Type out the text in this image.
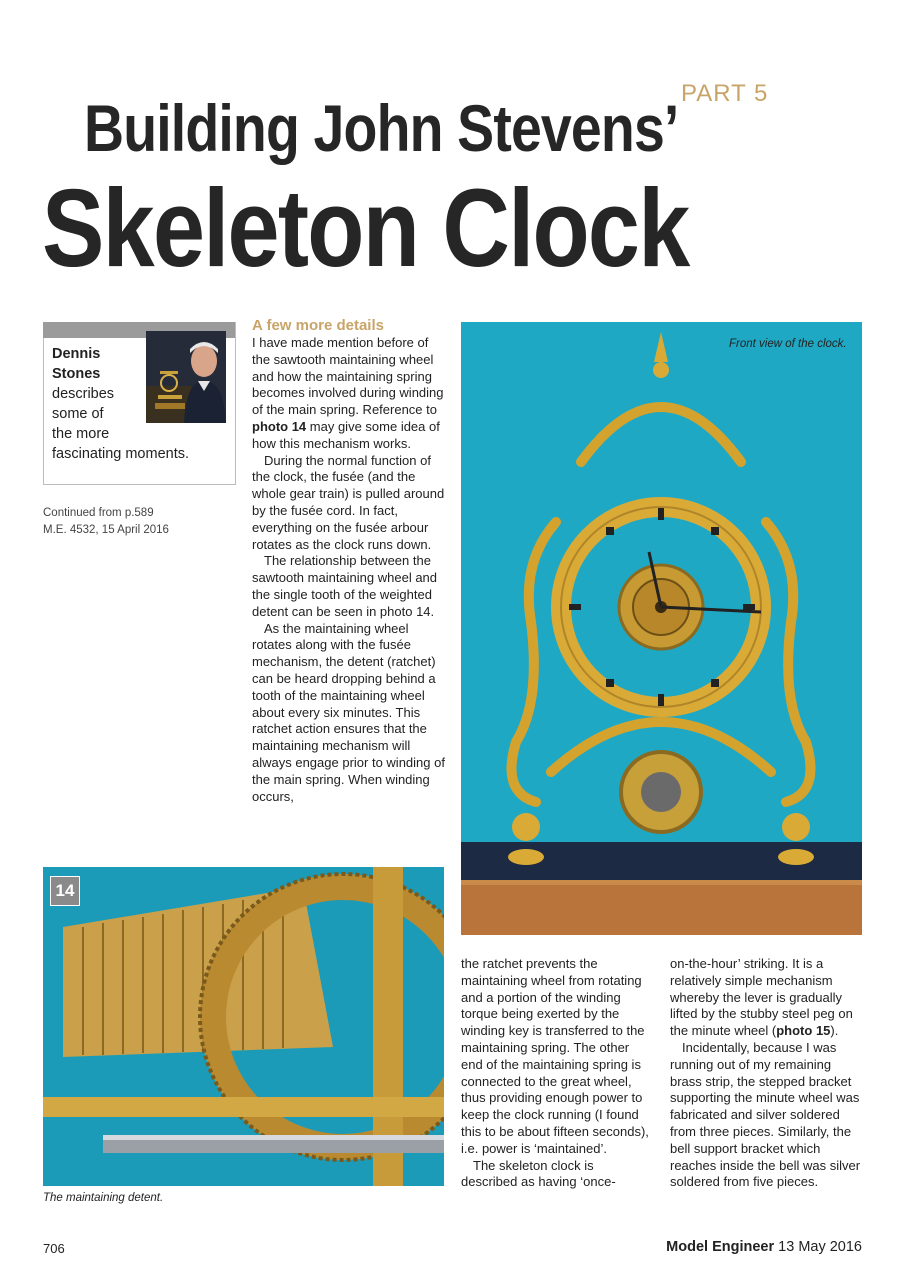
PART 5
Building John Stevens’
Skeleton Clock
Dennis
Stones
describes
some of
the more
fascinating moments.
Continued from p.589
M.E. 4532, 15 April 2016
A few more details

I have made mention before of the sawtooth maintaining wheel and how the maintaining spring becomes involved during winding of the main spring. Reference to photo 14 may give some idea of how this mechanism works.

During the normal function of the clock, the fusée (and the whole gear train) is pulled around by the fusée cord. In fact, everything on the fusée arbour rotates as the clock runs down.

The relationship between the sawtooth maintaining wheel and the single tooth of the weighted detent can be seen in photo 14.

As the maintaining wheel rotates along with the fusée mechanism, the detent (ratchet) can be heard dropping behind a tooth of the maintaining wheel about every six minutes. This ratchet action ensures that the maintaining mechanism will always engage prior to winding of the main spring. When winding occurs,

the ratchet prevents the maintaining wheel from rotating and a portion of the winding torque being exerted by the winding key is transferred to the maintaining spring. The other end of the maintaining spring is connected to the great wheel, thus providing enough power to keep the clock running (I found this to be about fifteen seconds), i.e. power is ‘maintained’.

The skeleton clock is described as having ‘once-

on-the-hour’ striking. It is a relatively simple mechanism whereby the lever is gradually lifted by the stubby steel peg on the minute wheel (photo 15).

Incidentally, because I was running out of my remaining brass strip, the stepped bracket supporting the minute wheel was fabricated and silver soldered from three pieces. Similarly, the bell support bracket which reaches inside the bell was silver soldered from five pieces.

Front view of the clock.
14
The maintaining detent.
706	Model Engineer 13 May 2016
